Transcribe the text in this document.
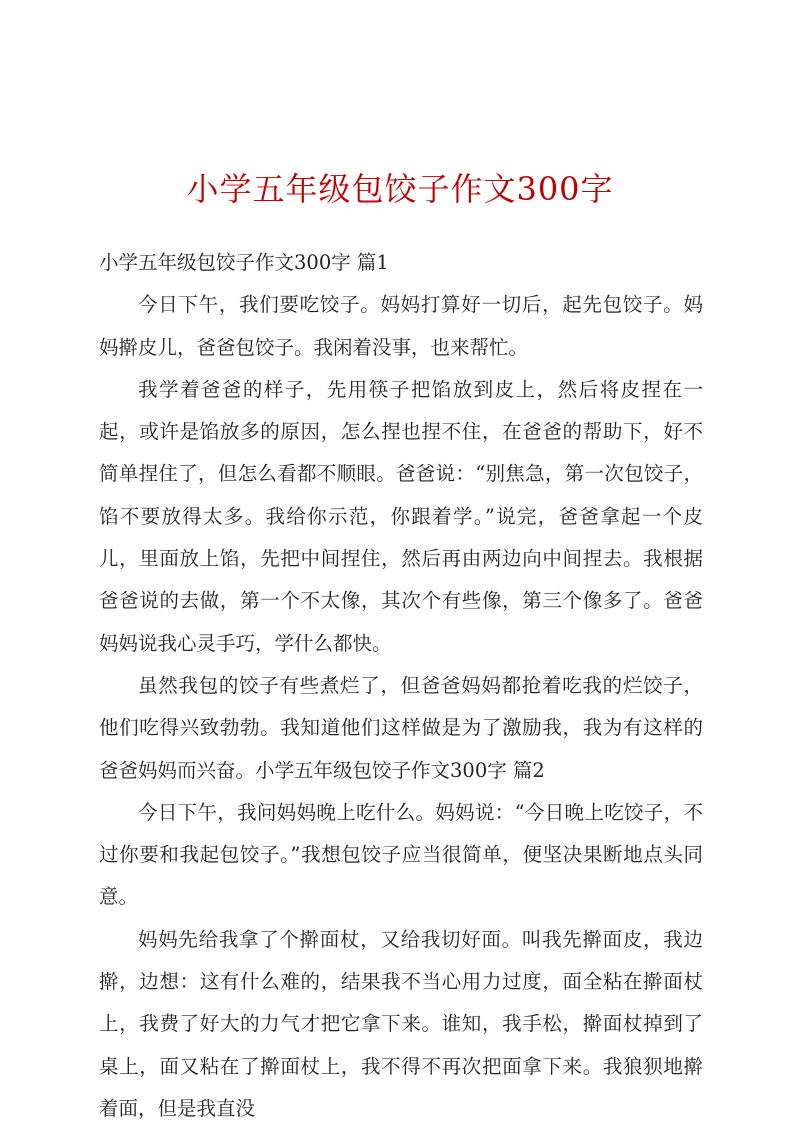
小学五年级包饺子作文300字

小学五年级包饺子作文300字 篇1

今日下午，我们要吃饺子。妈妈打算好一切后，起先包饺子。妈妈擀皮儿，爸爸包饺子。我闲着没事，也来帮忙。

我学着爸爸的样子，先用筷子把馅放到皮上，然后将皮捏在一起，或许是馅放多的原因，怎么捏也捏不住，在爸爸的帮助下，好不简单捏住了，但怎么看都不顺眼。爸爸说：“别焦急，第一次包饺子，馅不要放得太多。我给你示范，你跟着学。”说完，爸爸拿起一个皮儿，里面放上馅，先把中间捏住，然后再由两边向中间捏去。我根据爸爸说的去做，第一个不太像，其次个有些像，第三个像多了。爸爸妈妈说我心灵手巧，学什么都快。

虽然我包的饺子有些煮烂了，但爸爸妈妈都抢着吃我的烂饺子，他们吃得兴致勃勃。我知道他们这样做是为了激励我，我为有这样的爸爸妈妈而兴奋。小学五年级包饺子作文300字 篇2

今日下午，我问妈妈晚上吃什么。妈妈说：“今日晚上吃饺子，不过你要和我起包饺子。”我想包饺子应当很简单，便坚决果断地点头同意。

妈妈先给我拿了个擀面杖，又给我切好面。叫我先擀面皮，我边擀，边想：这有什么难的，结果我不当心用力过度，面全粘在擀面杖上，我费了好大的力气才把它拿下来。谁知，我手松，擀面杖掉到了桌上，面又粘在了擀面杖上，我不得不再次把面拿下来。我狼狈地擀着面，但是我直没
